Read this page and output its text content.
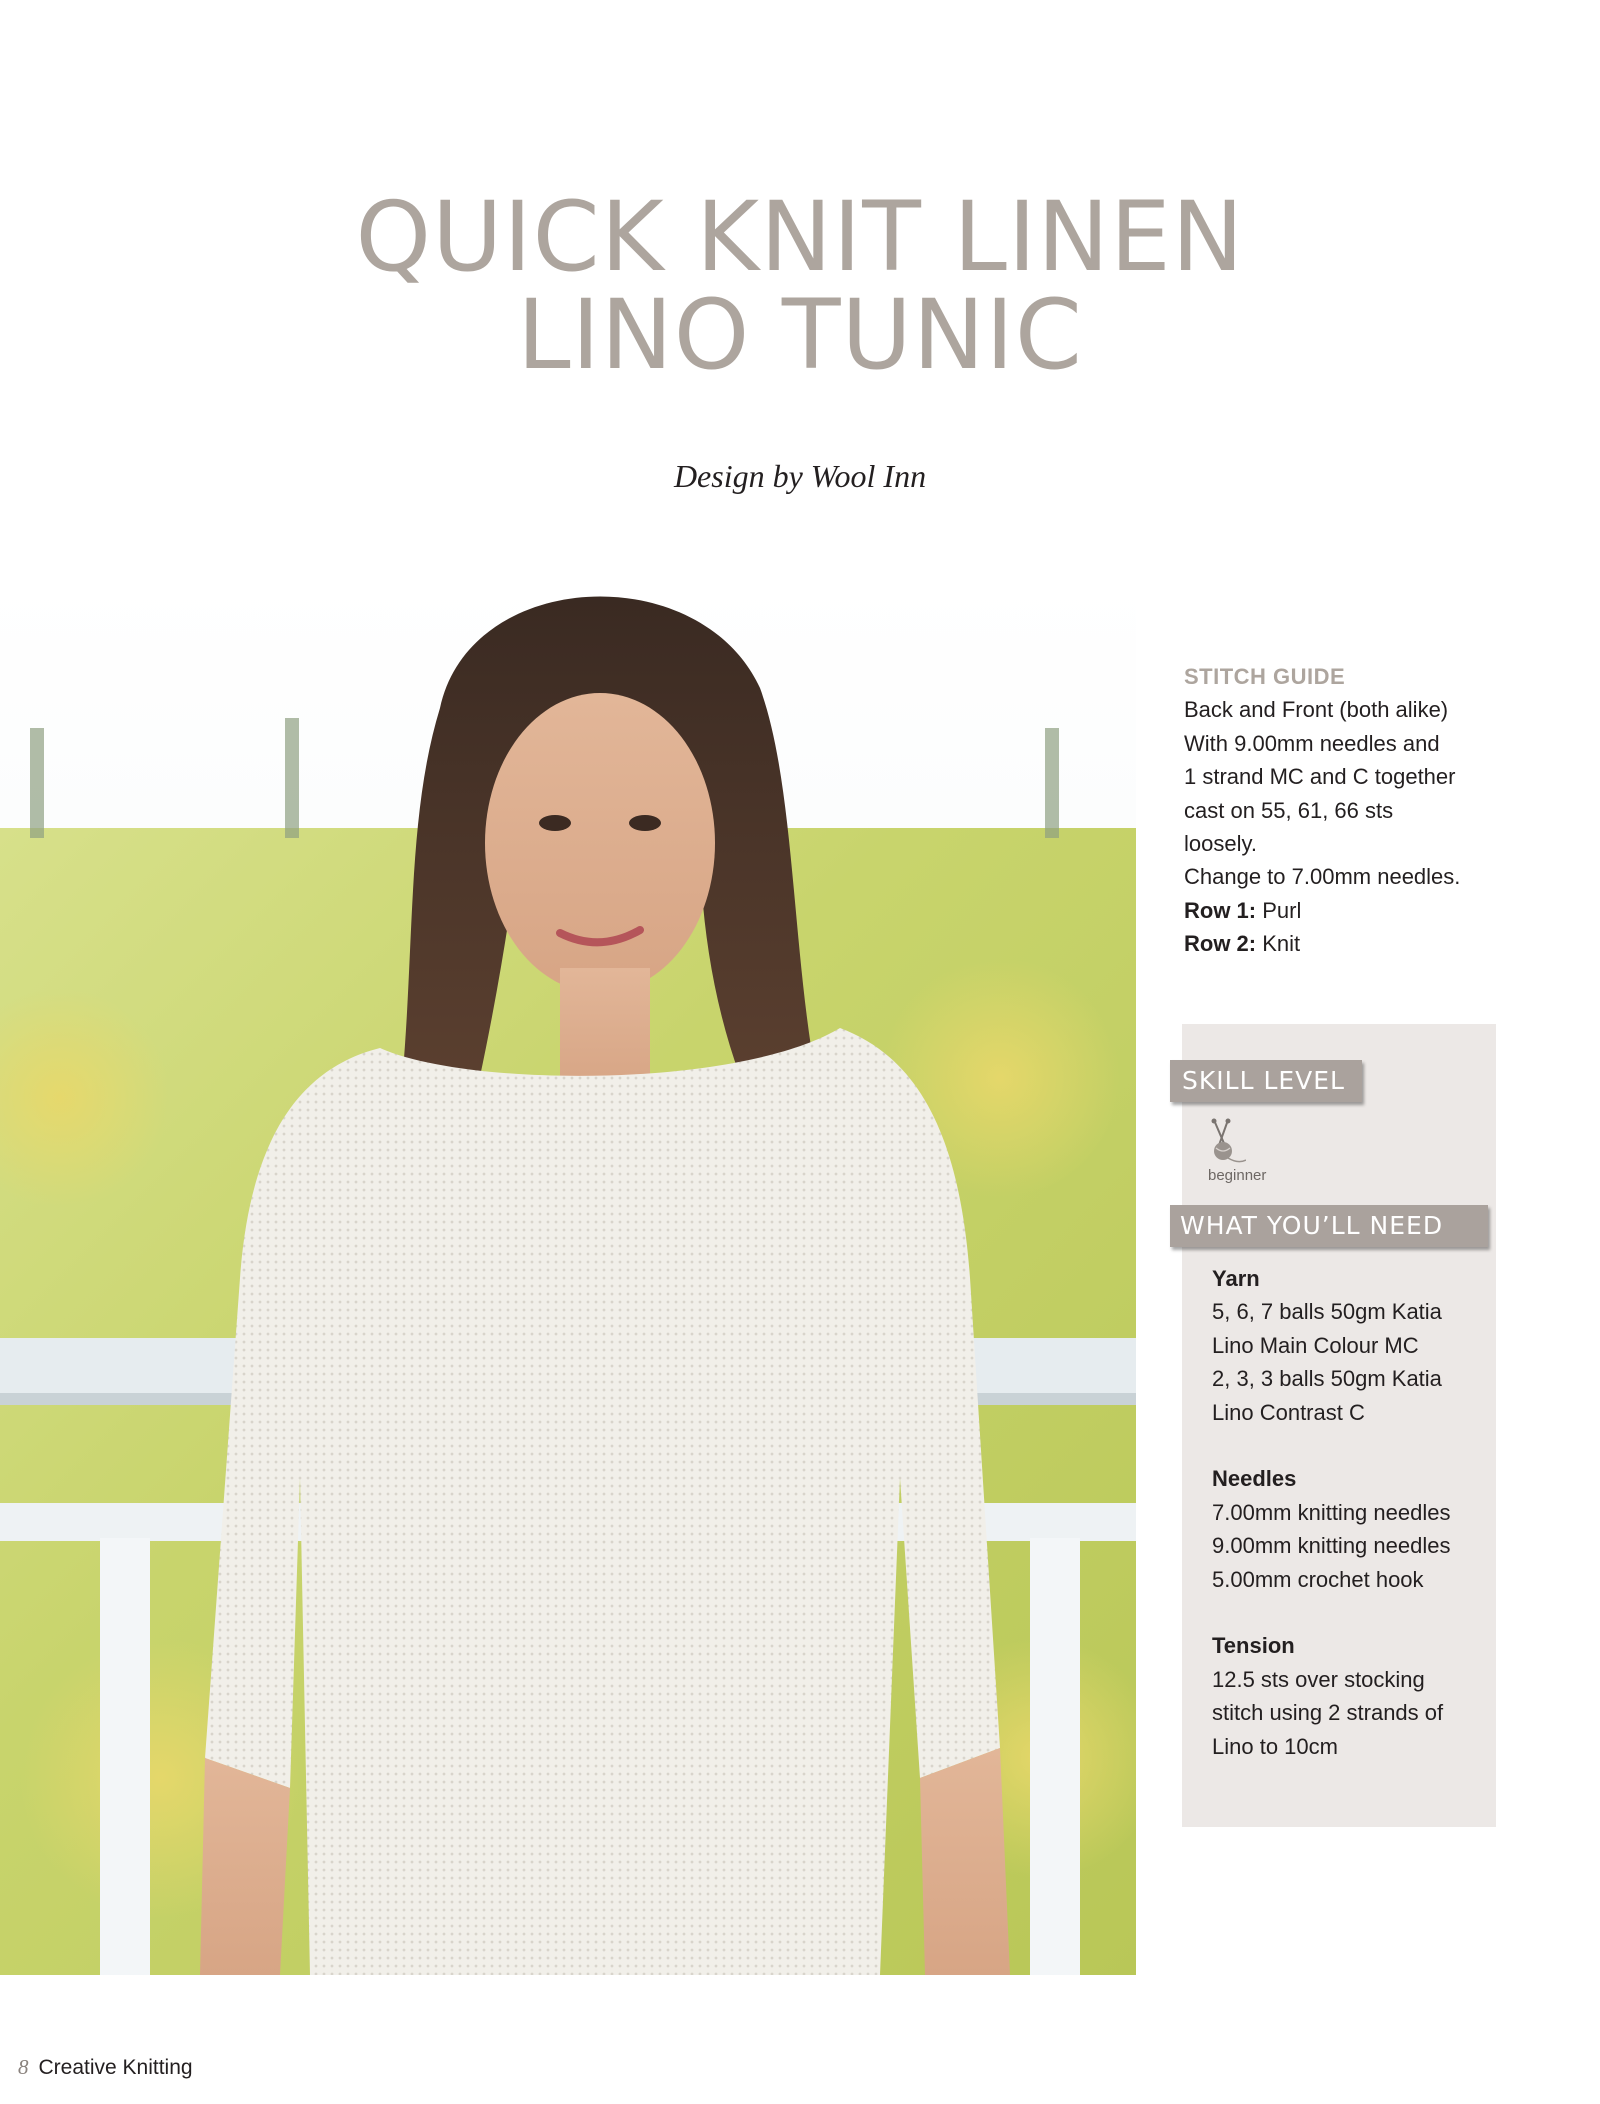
QUICK KNIT LINEN
LINO TUNIC
Design by Wool Inn
STITCH GUIDE
Back and Front (both alike)
With 9.00mm needles and
1 strand MC and C together
cast on 55, 61, 66 sts
loosely.
Change to 7.00mm needles.
Row 1: Purl
Row 2: Knit
SKILL LEVEL
beginner
WHAT YOU’LL NEED
Yarn
5, 6, 7 balls 50gm Katia
Lino Main Colour MC
2, 3, 3 balls 50gm Katia
Lino Contrast C
Needles
7.00mm knitting needles
9.00mm knitting needles
5.00mm crochet hook
Tension
12.5 sts over stocking
stitch using 2 strands of
Lino to 10cm
8 Creative Knitting
